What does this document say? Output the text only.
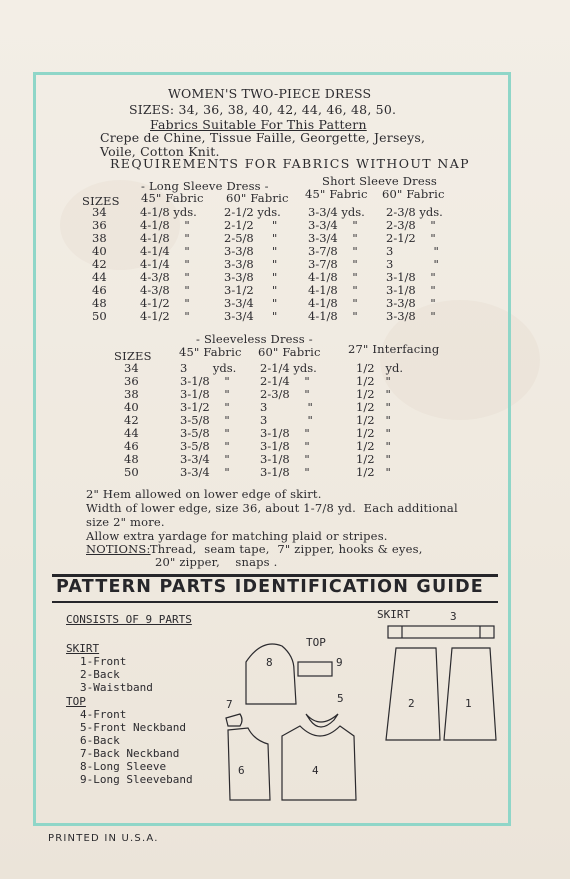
WOMEN'S TWO-PIECE DRESS
SIZES: 34, 36, 38, 40, 42, 44, 46, 48, 50.
Fabrics Suitable For This Pattern
Crepe de Chine, Tissue Faille, Georgette, Jerseys,
Voile, Cotton Knit.
REQUIREMENTS FOR FABRICS WITHOUT NAP
- Long Sleeve Dress -	Short Sleeve Dress
SIZES 45" Fabric 60" Fabric 45" Fabric 60" Fabric
34	4-1/8 yds.	2-1/2 yds.	3-3/4 yds.	2-3/8 yds.
36	4-1/8    "	2-1/2     "	3-3/4    "	2-3/8    "
38	4-1/8    "	2-5/8     "	3-3/4    "	2-1/2    "
40	4-1/4    "	3-3/8     "	3-7/8    "	3           "
42	4-1/4    "	3-3/8     "	3-7/8    "	3           "
44	4-3/8    "	3-3/8     "	4-1/8    "	3-1/8    "
46	4-3/8    "	3-1/2     "	4-1/8    "	3-1/8    "
48	4-1/2    "	3-3/4     "	4-1/8    "	3-3/8    "
50	4-1/2    "	3-3/4     "	4-1/8    "	3-3/8    "
- Sleeveless Dress -
SIZES 45" Fabric 60" Fabric 27" Interfacing
34	3       yds.	2-1/4 yds.	1/2   yd.
36	3-1/8    "	2-1/4    "	1/2   "
38	3-1/8    "	2-3/8    "	1/2   "
40	3-1/2    "	3           "	1/2   "
42	3-5/8    "	3           "	1/2   "
44	3-5/8    "	3-1/8    "	1/2   "
46	3-5/8    "	3-1/8    "	1/2   "
48	3-3/4    "	3-1/8    "	1/2   "
50	3-3/4    "	3-1/8    "	1/2   "
2" Hem allowed on lower edge of skirt.
Width of lower edge, size 36, about 1-7/8 yd.  Each additional
size 2" more.
Allow extra yardage for matching plaid or stripes.
NOTIONS:
Thread,  seam tape,  7" zipper, hooks & eyes,
20" zipper,    snaps .
PATTERN PARTS IDENTIFICATION GUIDE
CONSISTS OF 9 PARTS
SKIRT
1-Front
2-Back
3-Waistband
TOP
4-Front
5-Front Neckband
6-Back
7-Back Neckband
8-Long Sleeve
9-Long Sleeveband
1
2
3
4
5
6
7
8	9
TOP
SKIRT
PRINTED IN U.S.A.
